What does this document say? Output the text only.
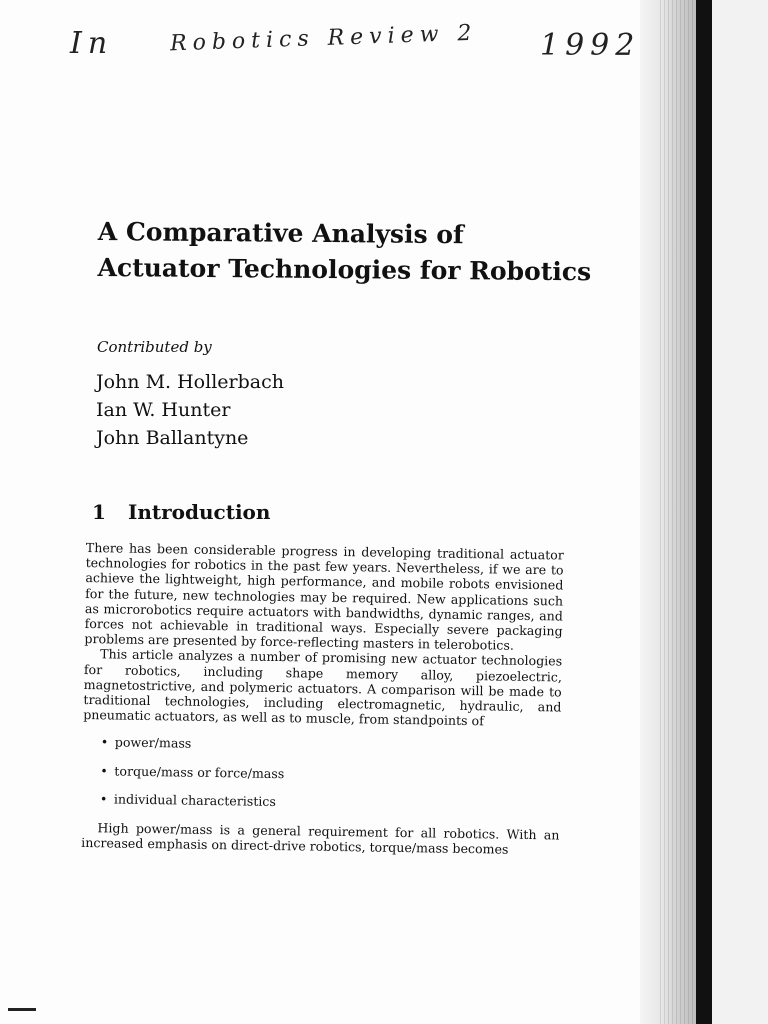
In	Robotics Review 2 1992
A Comparative Analysis of
Actuator Technologies for Robotics

Contributed by

John M. Hollerbach
Ian W. Hunter
John Ballantyne
1 Introduction

There has been considerable progress in developing traditional actuator technologies for robotics in the past few years. Nevertheless, if we are to achieve the lightweight, high performance, and mobile robots envisioned for the future, new technologies may be required. New applications such as microrobotics require actuators with bandwidths, dynamic ranges, and forces not achievable in traditional ways. Especially severe packaging problems are presented by force-reflecting masters in telerobotics.

This article analyzes a number of promising new actuator technologies for robotics, including shape memory alloy, piezoelectric, magnetostrictive, and polymeric actuators. A comparison will be made to traditional technologies, including electromagnetic, hydraulic, and pneumatic actuators, as well as to muscle, from standpoints of

• power/mass
• torque/mass or force/mass
• individual characteristics

High power/mass is a general requirement for all robotics. With an increased emphasis on direct-drive robotics, torque/mass becomes
